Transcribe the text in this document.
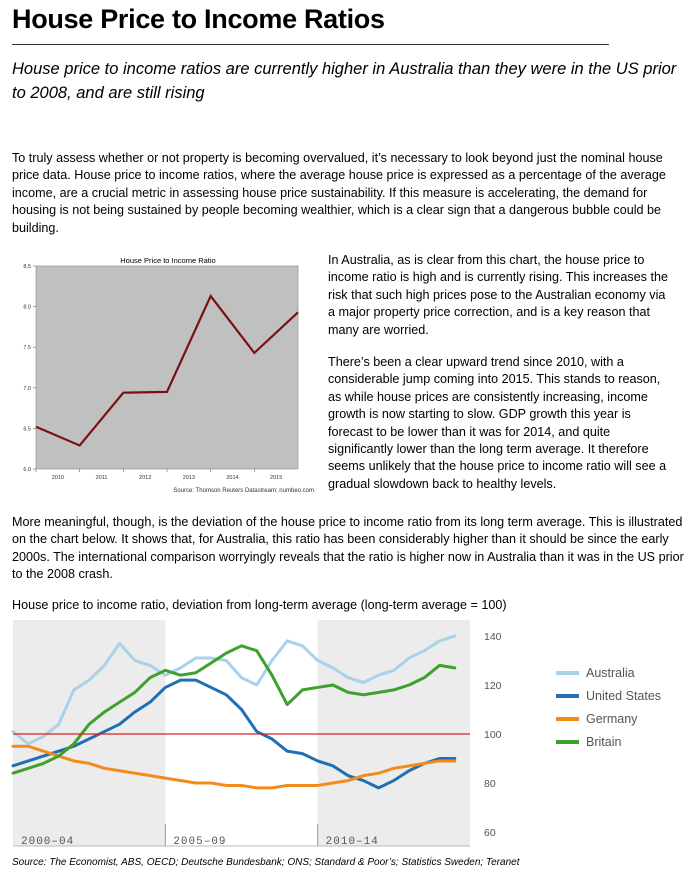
House Price to Income Ratios
House price to income ratios are currently higher in Australia than they were in the US prior to 2008, and are still rising
To truly assess whether or not property is becoming overvalued, it’s necessary to look beyond just the nominal house price data. House price to income ratios, where the average house price is expressed as a percentage of the average income, are a crucial metric in assessing house price sustainability. If this measure is accelerating, the demand for housing is not being sustained by people becoming wealthier, which is a clear sign that a dangerous bubble could be building.
House Price to Income Ratio
6.0
6.5
7.0
7.5
8.0
8.5
2010	2011	2012	2013	2014	2015
Source: Thomson Reuters Datastream; numbeo.com
In Australia, as is clear from this chart, the house price to income ratio is high and is currently rising. This increases the risk that such high prices pose to the Australian economy via a major property price correction, and is a key reason that many are worried.
There’s been a clear upward trend since 2010, with a considerable jump coming into 2015. This stands to reason, as while house prices are consistently increasing, income growth is now starting to slow. GDP growth this year is forecast to be lower than it was for 2014, and quite significantly lower than the long term average. It therefore seems unlikely that the house price to income ratio will see a gradual slowdown back to healthy levels.
More meaningful, though, is the deviation of the house price to income ratio from its long term average. This is illustrated on the chart below. It shows that, for Australia, this ratio has been considerably higher than it should be since the early 2000s. The international comparison worryingly reveals that the ratio is higher now in Australia than it was in the US prior to the 2008 crash.
House price to income ratio, deviation from long-term average (long-term average = 100)
2000–04	2005–09	2010–14
140
120
100
80
60
Australia
United States
Germany
Britain
Source: The Economist, ABS, OECD; Deutsche Bundesbank; ONS; Standard & Poor’s; Statistics Sweden; Teranet
